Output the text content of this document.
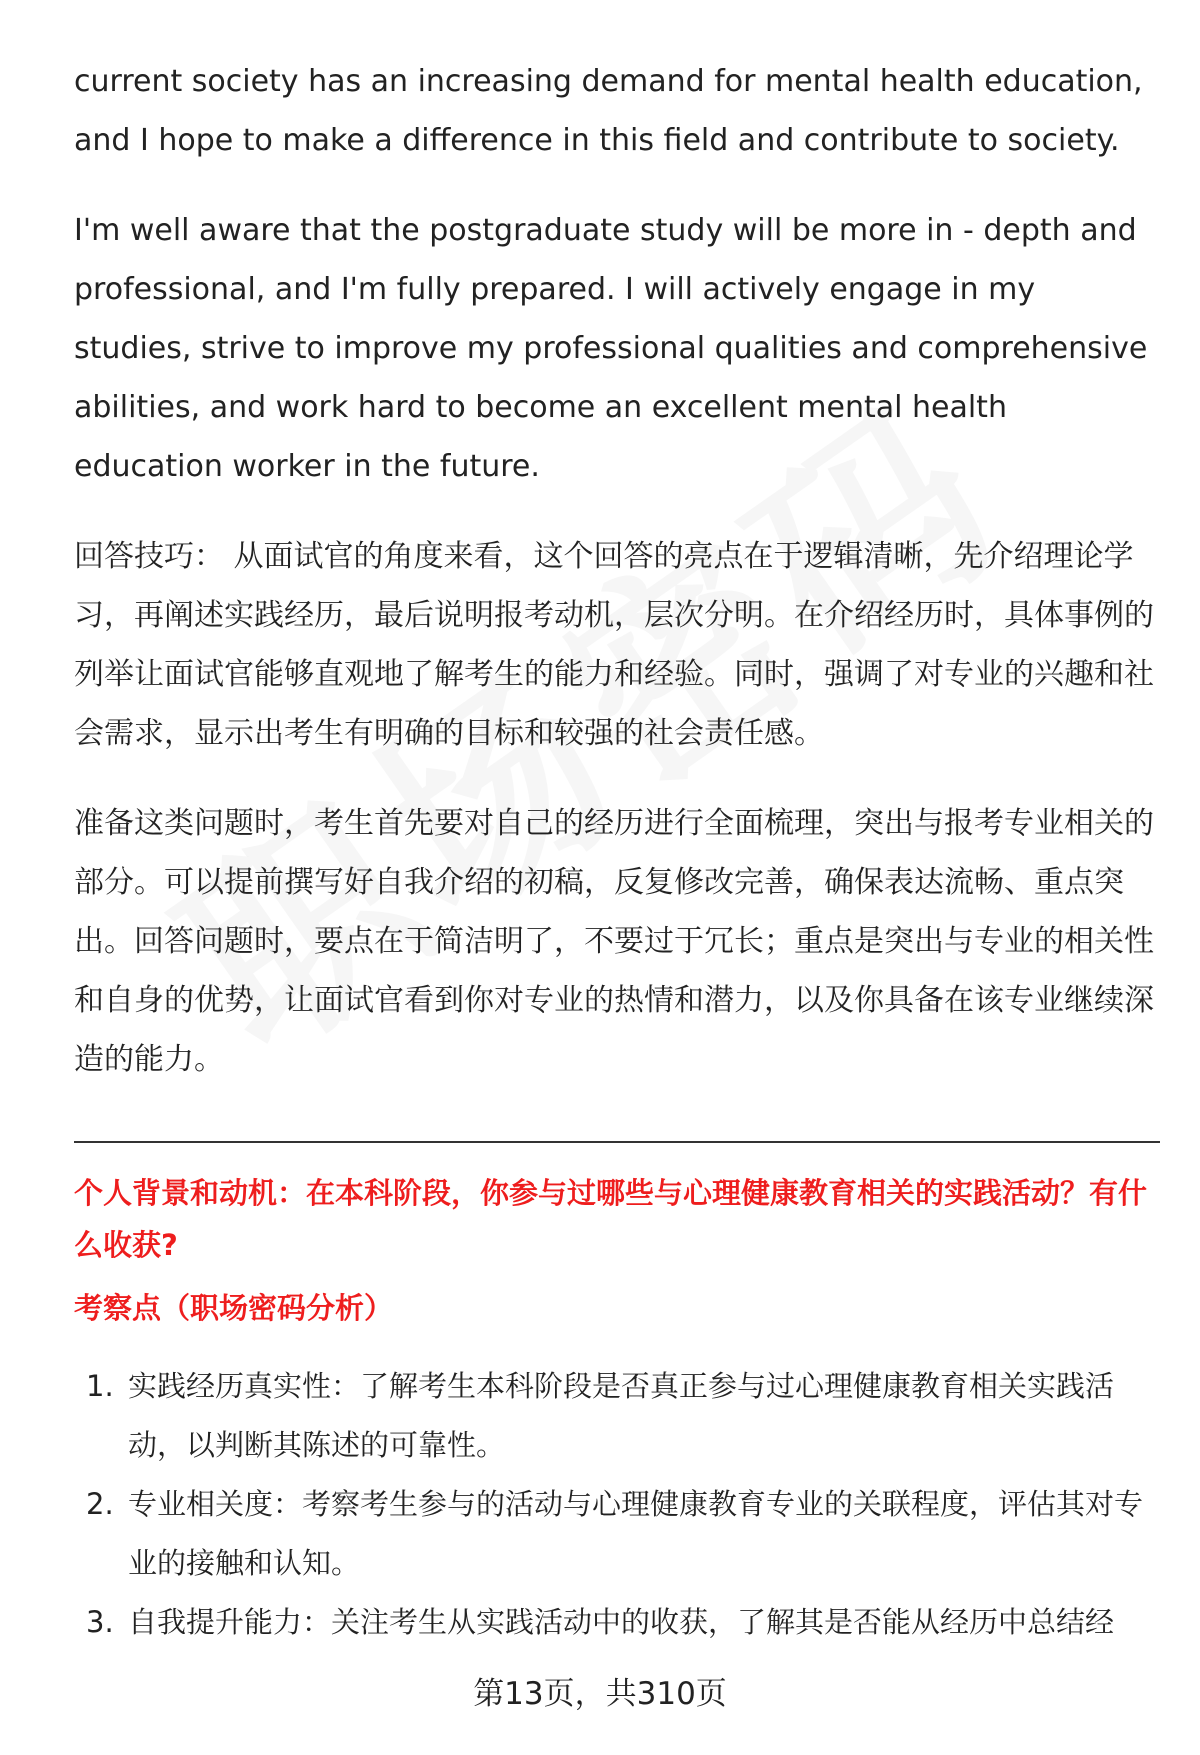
current society has an increasing demand for mental health education, and I hope to make a difference in this field and contribute to society.

I'm well aware that the postgraduate study will be more in - depth and professional, and I'm fully prepared. I will actively engage in my studies, strive to improve my professional qualities and comprehensive abilities, and work hard to become an excellent mental health education worker in the future.

回答技巧： 从面试官的角度来看，这个回答的亮点在于逻辑清晰，先介绍理论学习，再阐述实践经历，最后说明报考动机，层次分明。在介绍经历时，具体事例的列举让面试官能够直观地了解考生的能力和经验。同时，强调了对专业的兴趣和社会需求，显示出考生有明确的目标和较强的社会责任感。

准备这类问题时，考生首先要对自己的经历进行全面梳理，突出与报考专业相关的部分。可以提前撰写好自我介绍的初稿，反复修改完善，确保表达流畅、重点突出。回答问题时，要点在于简洁明了，不要过于冗长；重点是突出与专业的相关性和自身的优势，让面试官看到你对专业的热情和潜力，以及你具备在该专业继续深造的能力。

个人背景和动机：在本科阶段，你参与过哪些与心理健康教育相关的实践活动？有什么收获?

考察点（职场密码分析）

1. 实践经历真实性：了解考生本科阶段是否真正参与过心理健康教育相关实践活动，以判断其陈述的可靠性。
2. 专业相关度：考察考生参与的活动与心理健康教育专业的关联程度，评估其对专业的接触和认知。
3. 自我提升能力：关注考生从实践活动中的收获，了解其是否能从经历中总结经
第13页，共310页
